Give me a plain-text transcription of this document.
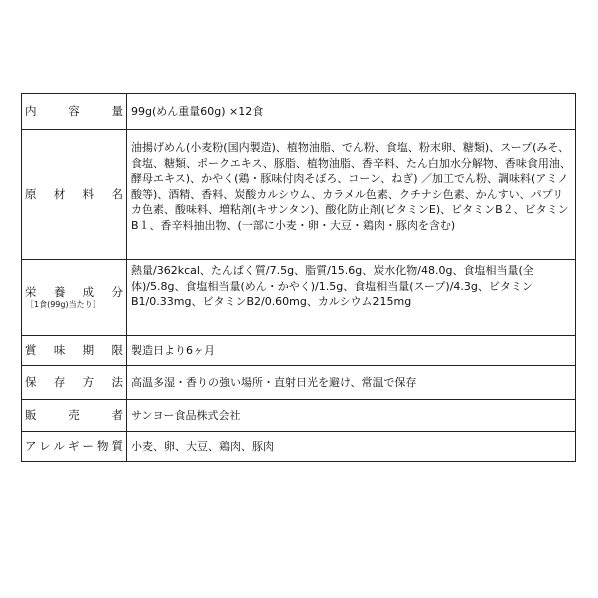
内　容　量	99g(めん重量60g) ×12食

原　材　料　名	油揚げめん(小麦粉(国内製造)、植物油脂、でん粉、食塩、粉末卵、糖類)、スープ(みそ、食塩、糖類、ポークエキス、豚脂、植物油脂、香辛料、たん白加水分解物、香味食用油、酵母エキス)、かやく(鶏・豚味付肉そぼろ、コーン、ねぎ) ／加工でん粉、調味料(アミノ酸等)、酒精、香料、炭酸カルシウム、カラメル色素、クチナシ色素、かんすい、パプリカ色素、酸味料、増粘剤(キサンタン)、酸化防止剤(ビタミンE)、ビタミンB２、ビタミンB１、香辛料抽出物、(一部に小麦・卵・大豆・鶏肉・豚肉を含む)

栄　養　成　分
［1食(99g)当たり］	熱量/362kcal、たんぱく質/7.5g、脂質/15.6g、炭水化物/48.0g、食塩相当量(全体)/5.8g、食塩相当量(めん・かやく)/1.5g、食塩相当量(スープ)/4.3g、ビタミンB1/0.33mg、ビタミンB2/0.60mg、カルシウム215mg

賞　味　期　限	製造日より6ヶ月

保　存　方　法	高温多湿・香りの強い場所・直射日光を避け、常温で保存

販　　売　　者	サンヨー食品株式会社

アレルギー物質	小麦、卵、大豆、鶏肉、豚肉
